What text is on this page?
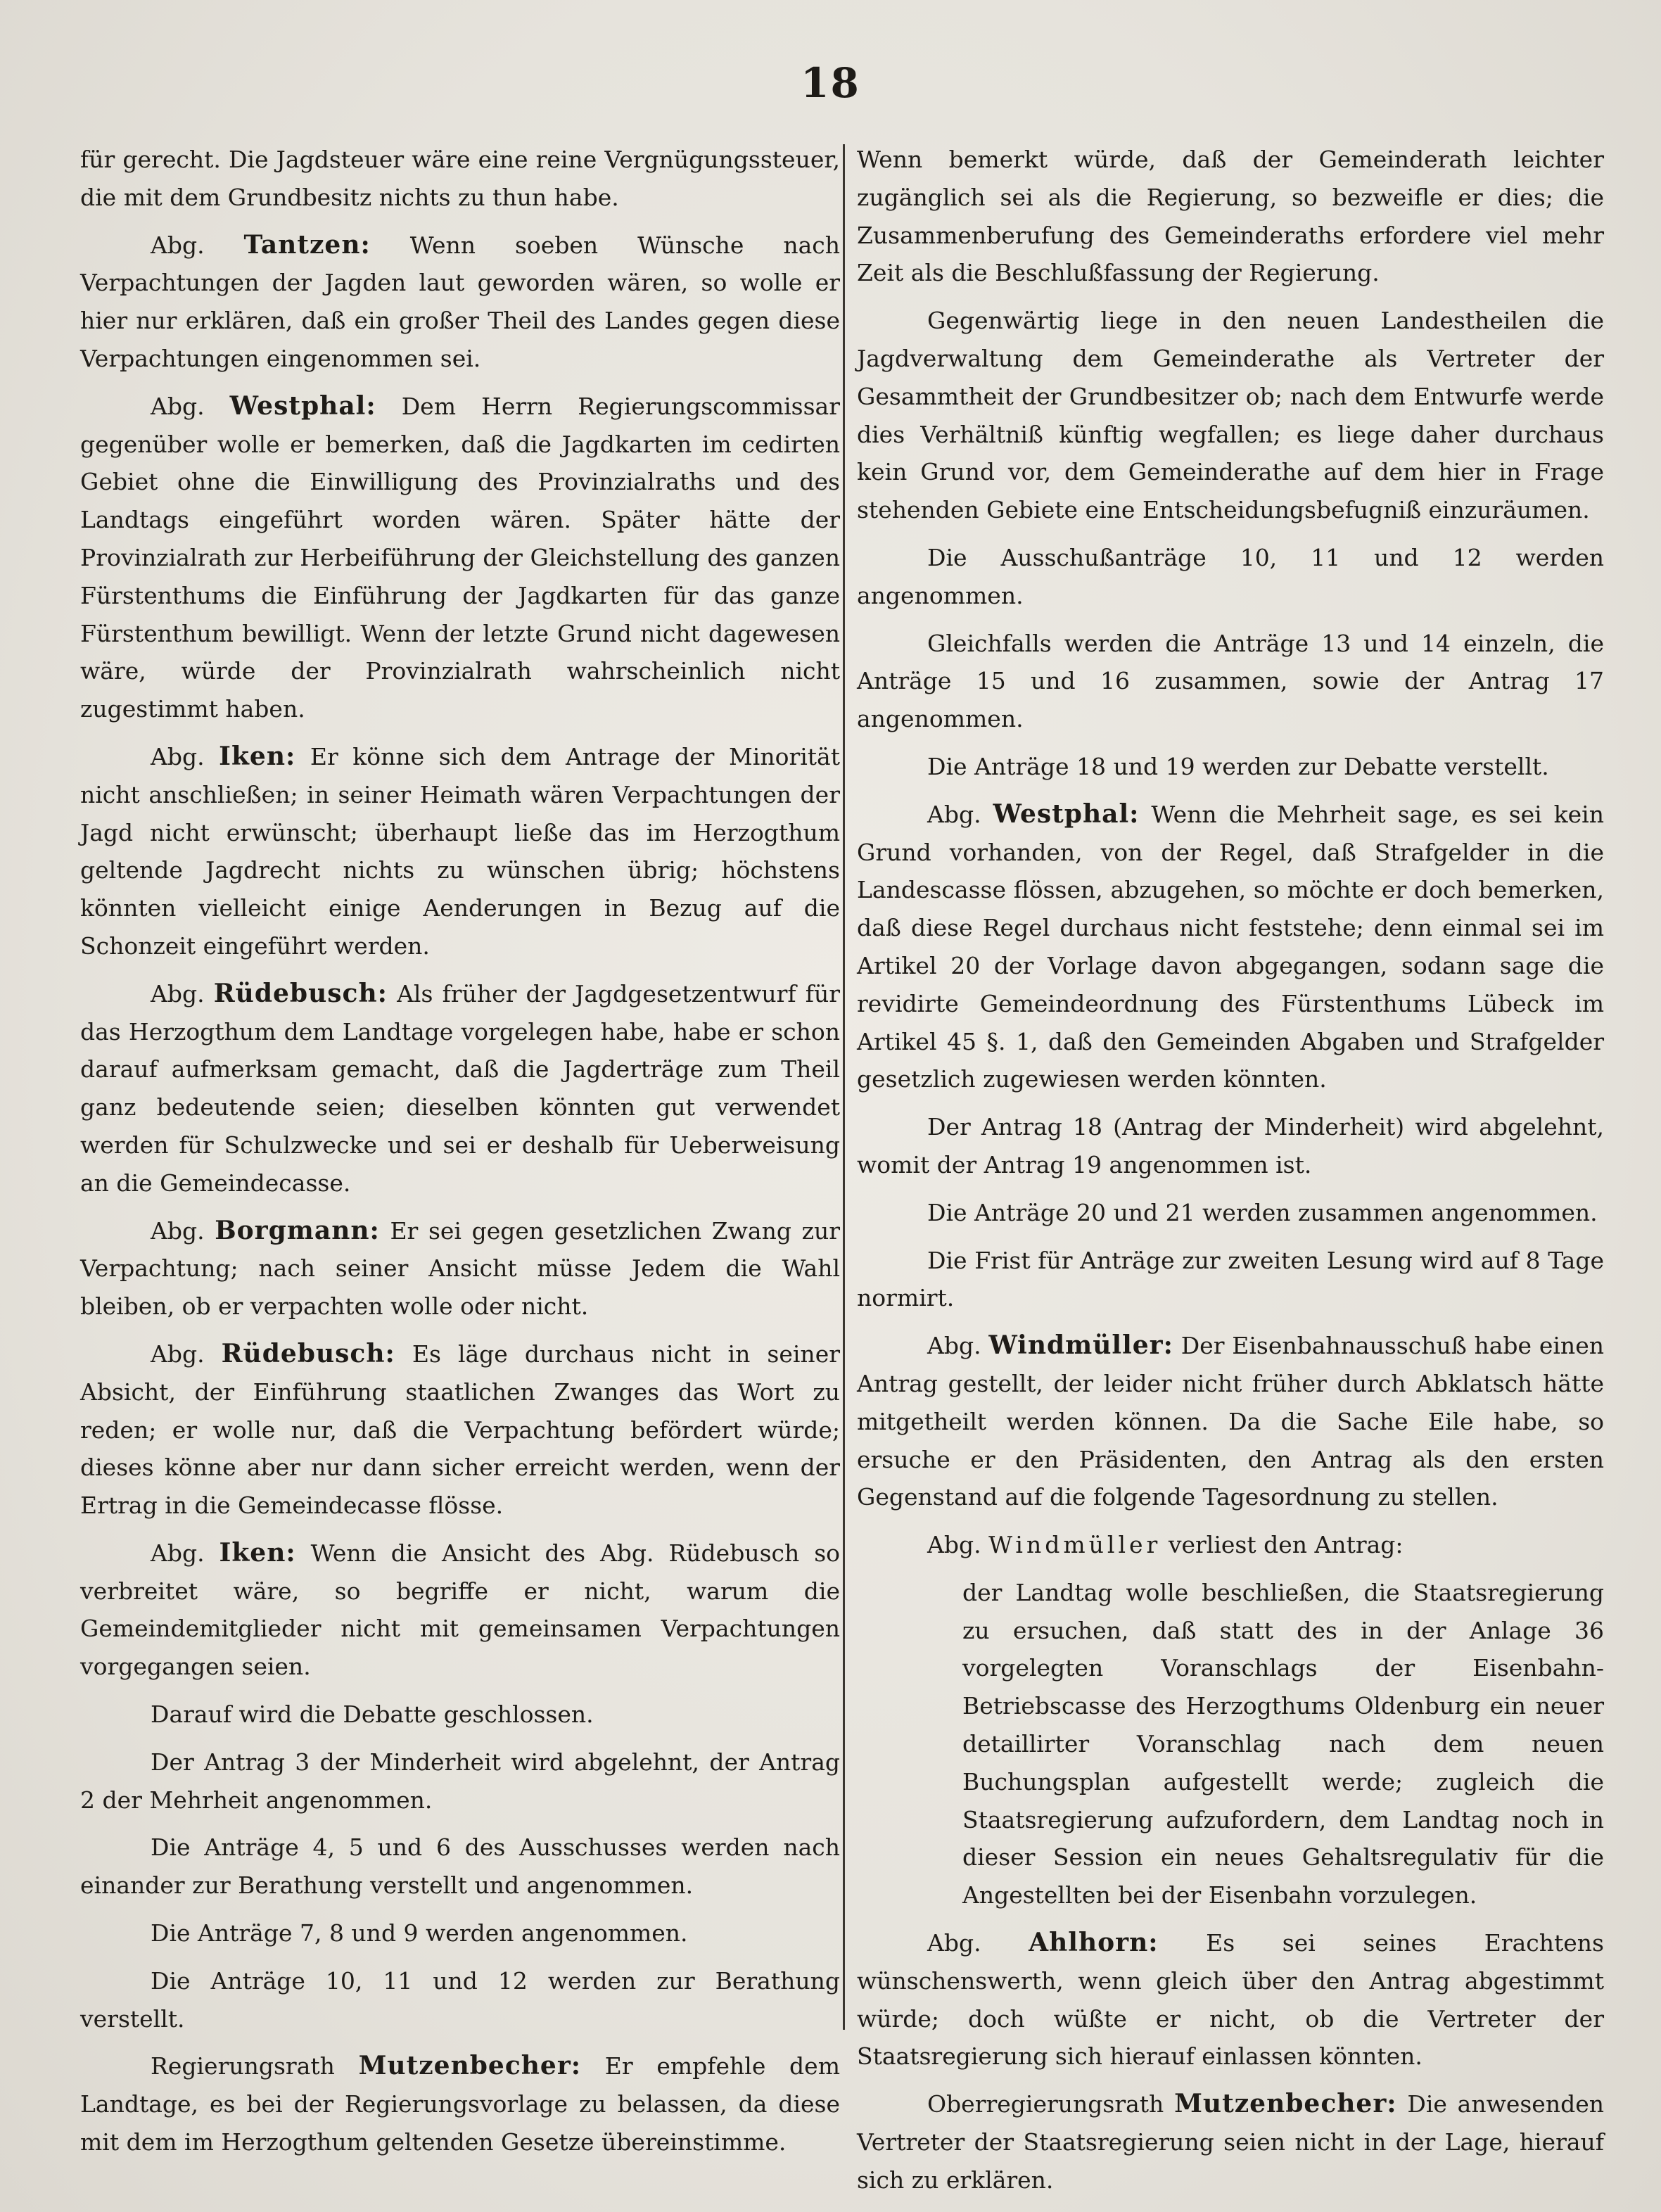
18

für gerecht. Die Jagdsteuer wäre eine reine Vergnügungssteuer, die mit dem Grundbesitz nichts zu thun habe.

Abg. Tantzen: Wenn soeben Wünsche nach Verpachtungen der Jagden laut geworden wären, so wolle er hier nur erklären, daß ein großer Theil des Landes gegen diese Verpachtungen eingenommen sei.

Abg. Westphal: Dem Herrn Regierungscommissar gegenüber wolle er bemerken, daß die Jagdkarten im cedirten Gebiet ohne die Einwilligung des Provinzialraths und des Landtags eingeführt worden wären. Später hätte der Provinzialrath zur Herbeiführung der Gleichstellung des ganzen Fürstenthums die Einführung der Jagdkarten für das ganze Fürstenthum bewilligt. Wenn der letzte Grund nicht dagewesen wäre, würde der Provinzialrath wahrscheinlich nicht zugestimmt haben.

Abg. Iken: Er könne sich dem Antrage der Minorität nicht anschließen; in seiner Heimath wären Verpachtungen der Jagd nicht erwünscht; überhaupt ließe das im Herzogthum geltende Jagdrecht nichts zu wünschen übrig; höchstens könnten vielleicht einige Aenderungen in Bezug auf die Schonzeit eingeführt werden.

Abg. Rüdebusch: Als früher der Jagdgesetzentwurf für das Herzogthum dem Landtage vorgelegen habe, habe er schon darauf aufmerksam gemacht, daß die Jagderträge zum Theil ganz bedeutende seien; dieselben könnten gut verwendet werden für Schulzwecke und sei er deshalb für Ueberweisung an die Gemeindecasse.

Abg. Borgmann: Er sei gegen gesetzlichen Zwang zur Verpachtung; nach seiner Ansicht müsse Jedem die Wahl bleiben, ob er verpachten wolle oder nicht.

Abg. Rüdebusch: Es läge durchaus nicht in seiner Absicht, der Einführung staatlichen Zwanges das Wort zu reden; er wolle nur, daß die Verpachtung befördert würde; dieses könne aber nur dann sicher erreicht werden, wenn der Ertrag in die Gemeindecasse flösse.

Abg. Iken: Wenn die Ansicht des Abg. Rüdebusch so verbreitet wäre, so begriffe er nicht, warum die Gemeindemitglieder nicht mit gemeinsamen Verpachtungen vorgegangen seien.

Darauf wird die Debatte geschlossen.

Der Antrag 3 der Minderheit wird abgelehnt, der Antrag 2 der Mehrheit angenommen.

Die Anträge 4, 5 und 6 des Ausschusses werden nach einander zur Berathung verstellt und angenommen.

Die Anträge 7, 8 und 9 werden angenommen.

Die Anträge 10, 11 und 12 werden zur Berathung verstellt.

Regierungsrath Mutzenbecher: Er empfehle dem Landtage, es bei der Regierungsvorlage zu belassen, da diese mit dem im Herzogthum geltenden Gesetze übereinstimme.

Wenn bemerkt würde, daß der Gemeinderath leichter zugänglich sei als die Regierung, so bezweifle er dies; die Zusammenberufung des Gemeinderaths erfordere viel mehr Zeit als die Beschlußfassung der Regierung.

Gegenwärtig liege in den neuen Landestheilen die Jagdverwaltung dem Gemeinderathe als Vertreter der Gesammtheit der Grundbesitzer ob; nach dem Entwurfe werde dies Verhältniß künftig wegfallen; es liege daher durchaus kein Grund vor, dem Gemeinderathe auf dem hier in Frage stehenden Gebiete eine Entscheidungsbefugniß einzuräumen.

Die Ausschußanträge 10, 11 und 12 werden angenommen.

Gleichfalls werden die Anträge 13 und 14 einzeln, die Anträge 15 und 16 zusammen, sowie der Antrag 17 angenommen.

Die Anträge 18 und 19 werden zur Debatte verstellt.

Abg. Westphal: Wenn die Mehrheit sage, es sei kein Grund vorhanden, von der Regel, daß Strafgelder in die Landescasse flössen, abzugehen, so möchte er doch bemerken, daß diese Regel durchaus nicht feststehe; denn einmal sei im Artikel 20 der Vorlage davon abgegangen, sodann sage die revidirte Gemeindeordnung des Fürstenthums Lübeck im Artikel 45 §. 1, daß den Gemeinden Abgaben und Strafgelder gesetzlich zugewiesen werden könnten.

Der Antrag 18 (Antrag der Minderheit) wird abgelehnt, womit der Antrag 19 angenommen ist.

Die Anträge 20 und 21 werden zusammen angenommen.

Die Frist für Anträge zur zweiten Lesung wird auf 8 Tage normirt.

Abg. Windmüller: Der Eisenbahnausschuß habe einen Antrag gestellt, der leider nicht früher durch Abklatsch hätte mitgetheilt werden können. Da die Sache Eile habe, so ersuche er den Präsidenten, den Antrag als den ersten Gegenstand auf die folgende Tagesordnung zu stellen.

Abg. Windmüller verliest den Antrag:

der Landtag wolle beschließen, die Staatsregierung zu ersuchen, daß statt des in der Anlage 36 vorgelegten Voranschlags der Eisenbahn-Betriebscasse des Herzogthums Oldenburg ein neuer detaillirter Voranschlag nach dem neuen Buchungsplan aufgestellt werde; zugleich die Staatsregierung aufzufordern, dem Landtag noch in dieser Session ein neues Gehaltsregulativ für die Angestellten bei der Eisenbahn vorzulegen.

Abg. Ahlhorn: Es sei seines Erachtens wünschenswerth, wenn gleich über den Antrag abgestimmt würde; doch wüßte er nicht, ob die Vertreter der Staatsregierung sich hierauf einlassen könnten.

Oberregierungsrath Mutzenbecher: Die anwesenden Vertreter der Staatsregierung seien nicht in der Lage, hierauf sich zu erklären.
